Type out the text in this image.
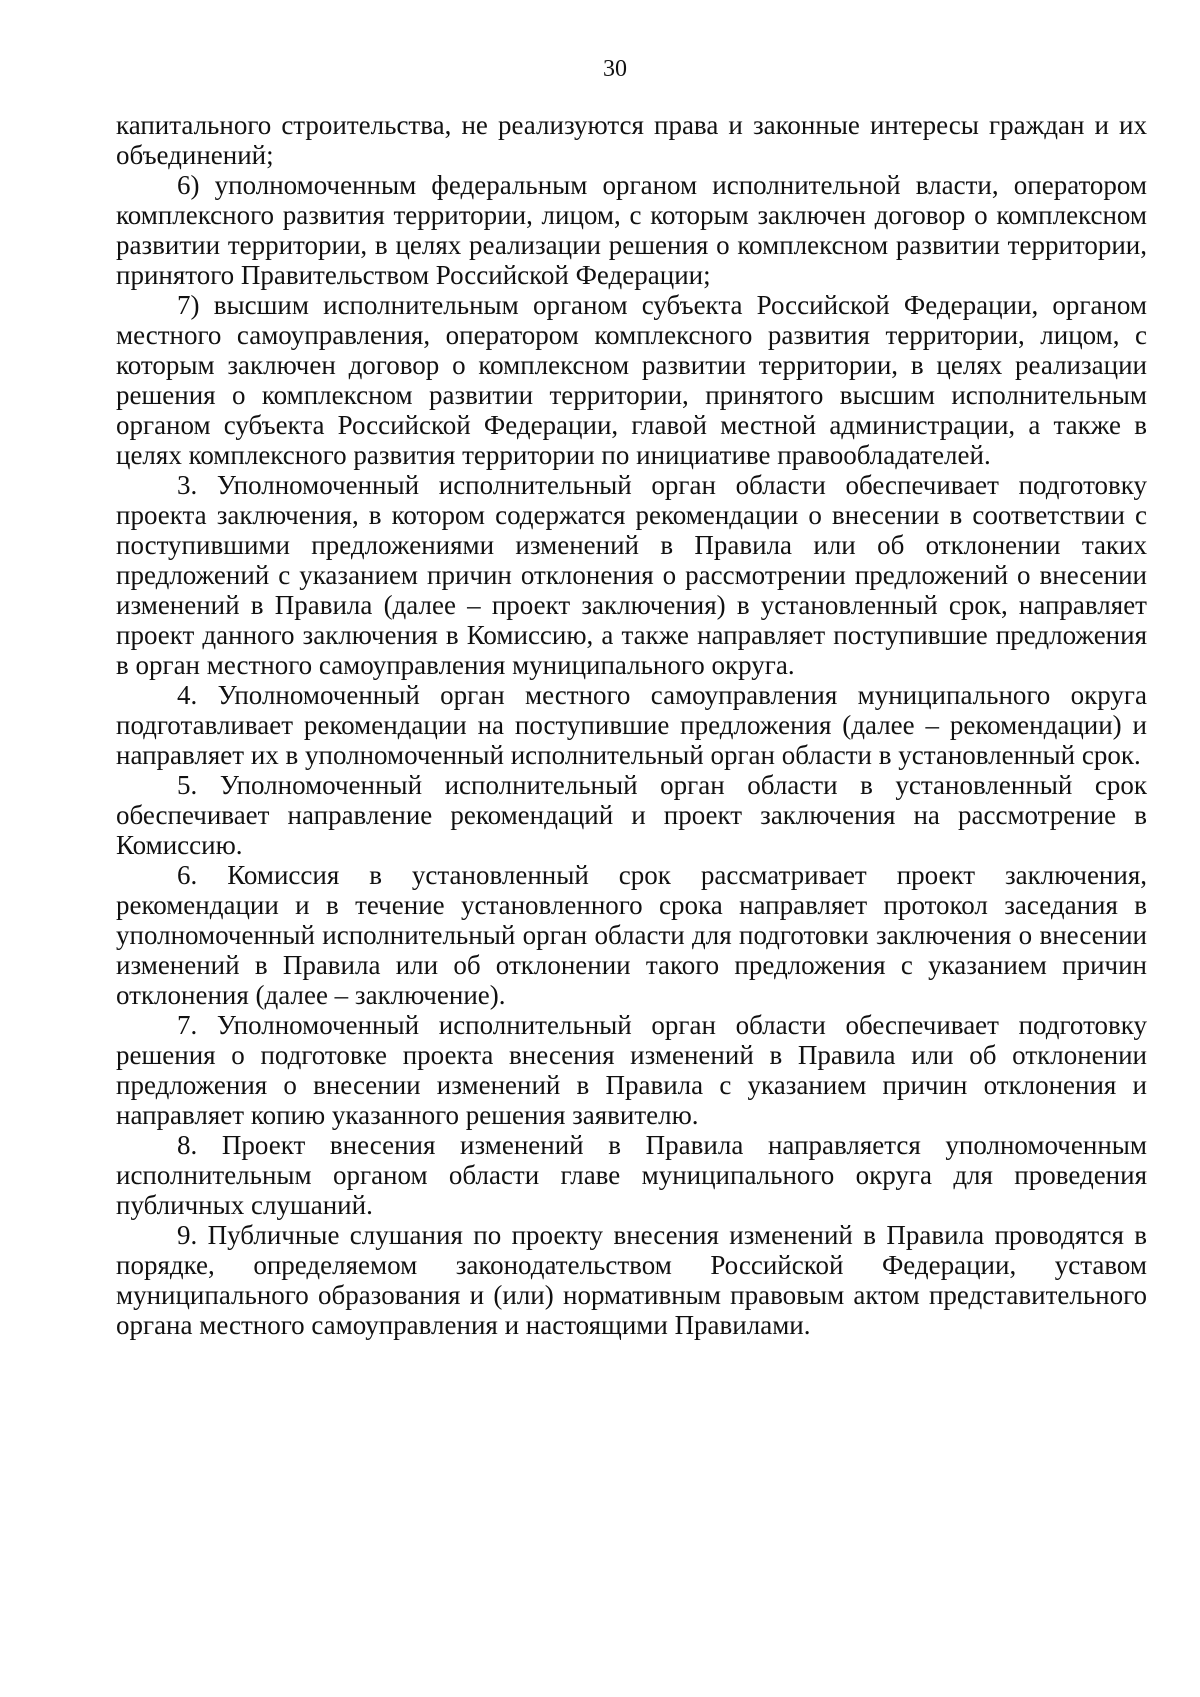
30

капитального строительства, не реализуются права и законные интересы граждан и их объединений;

6) уполномоченным федеральным органом исполнительной власти, оператором комплексного развития территории, лицом, с которым заключен договор о комплексном развитии территории, в целях реализации решения о комплексном развитии территории, принятого Правительством Российской Федерации;

7) высшим исполнительным органом субъекта Российской Федерации, органом местного самоуправления, оператором комплексного развития территории, лицом, с которым заключен договор о комплексном развитии территории, в целях реализации решения о комплексном развитии территории, принятого высшим исполнительным органом субъекта Российской Федерации, главой местной администрации, а также в целях комплексного развития территории по инициативе правообладателей.

3. Уполномоченный исполнительный орган области обеспечивает подготовку проекта заключения, в котором содержатся рекомендации о внесении в соответствии с поступившими предложениями изменений в Правила или об отклонении таких предложений с указанием причин отклонения о рассмотрении предложений о внесении изменений в Правила (далее – проект заключения) в установленный срок, направляет проект данного заключения в Комиссию, а также направляет поступившие предложения в орган местного самоуправления муниципального округа.

4. Уполномоченный орган местного самоуправления муниципального округа подготавливает рекомендации на поступившие предложения (далее – рекомендации) и направляет их в уполномоченный исполнительный орган области в установленный срок.

5. Уполномоченный исполнительный орган области в установленный срок обеспечивает направление рекомендаций и проект заключения на рассмотрение в Комиссию.

6. Комиссия в установленный срок рассматривает проект заключения, рекомендации и в течение установленного срока направляет протокол заседания в уполномоченный исполнительный орган области для подготовки заключения о внесении изменений в Правила или об отклонении такого предложения с указанием причин отклонения (далее – заключение).

7. Уполномоченный исполнительный орган области обеспечивает подготовку решения о подготовке проекта внесения изменений в Правила или об отклонении предложения о внесении изменений в Правила с указанием причин отклонения и направляет копию указанного решения заявителю.

8. Проект внесения изменений в Правила направляется уполномоченным исполнительным органом области главе муниципального округа для проведения публичных слушаний.

9. Публичные слушания по проекту внесения изменений в Правила проводятся в порядке, определяемом законодательством Российской Федерации, уставом муниципального образования и (или) нормативным правовым актом представительного органа местного самоуправления и настоящими Правилами.
